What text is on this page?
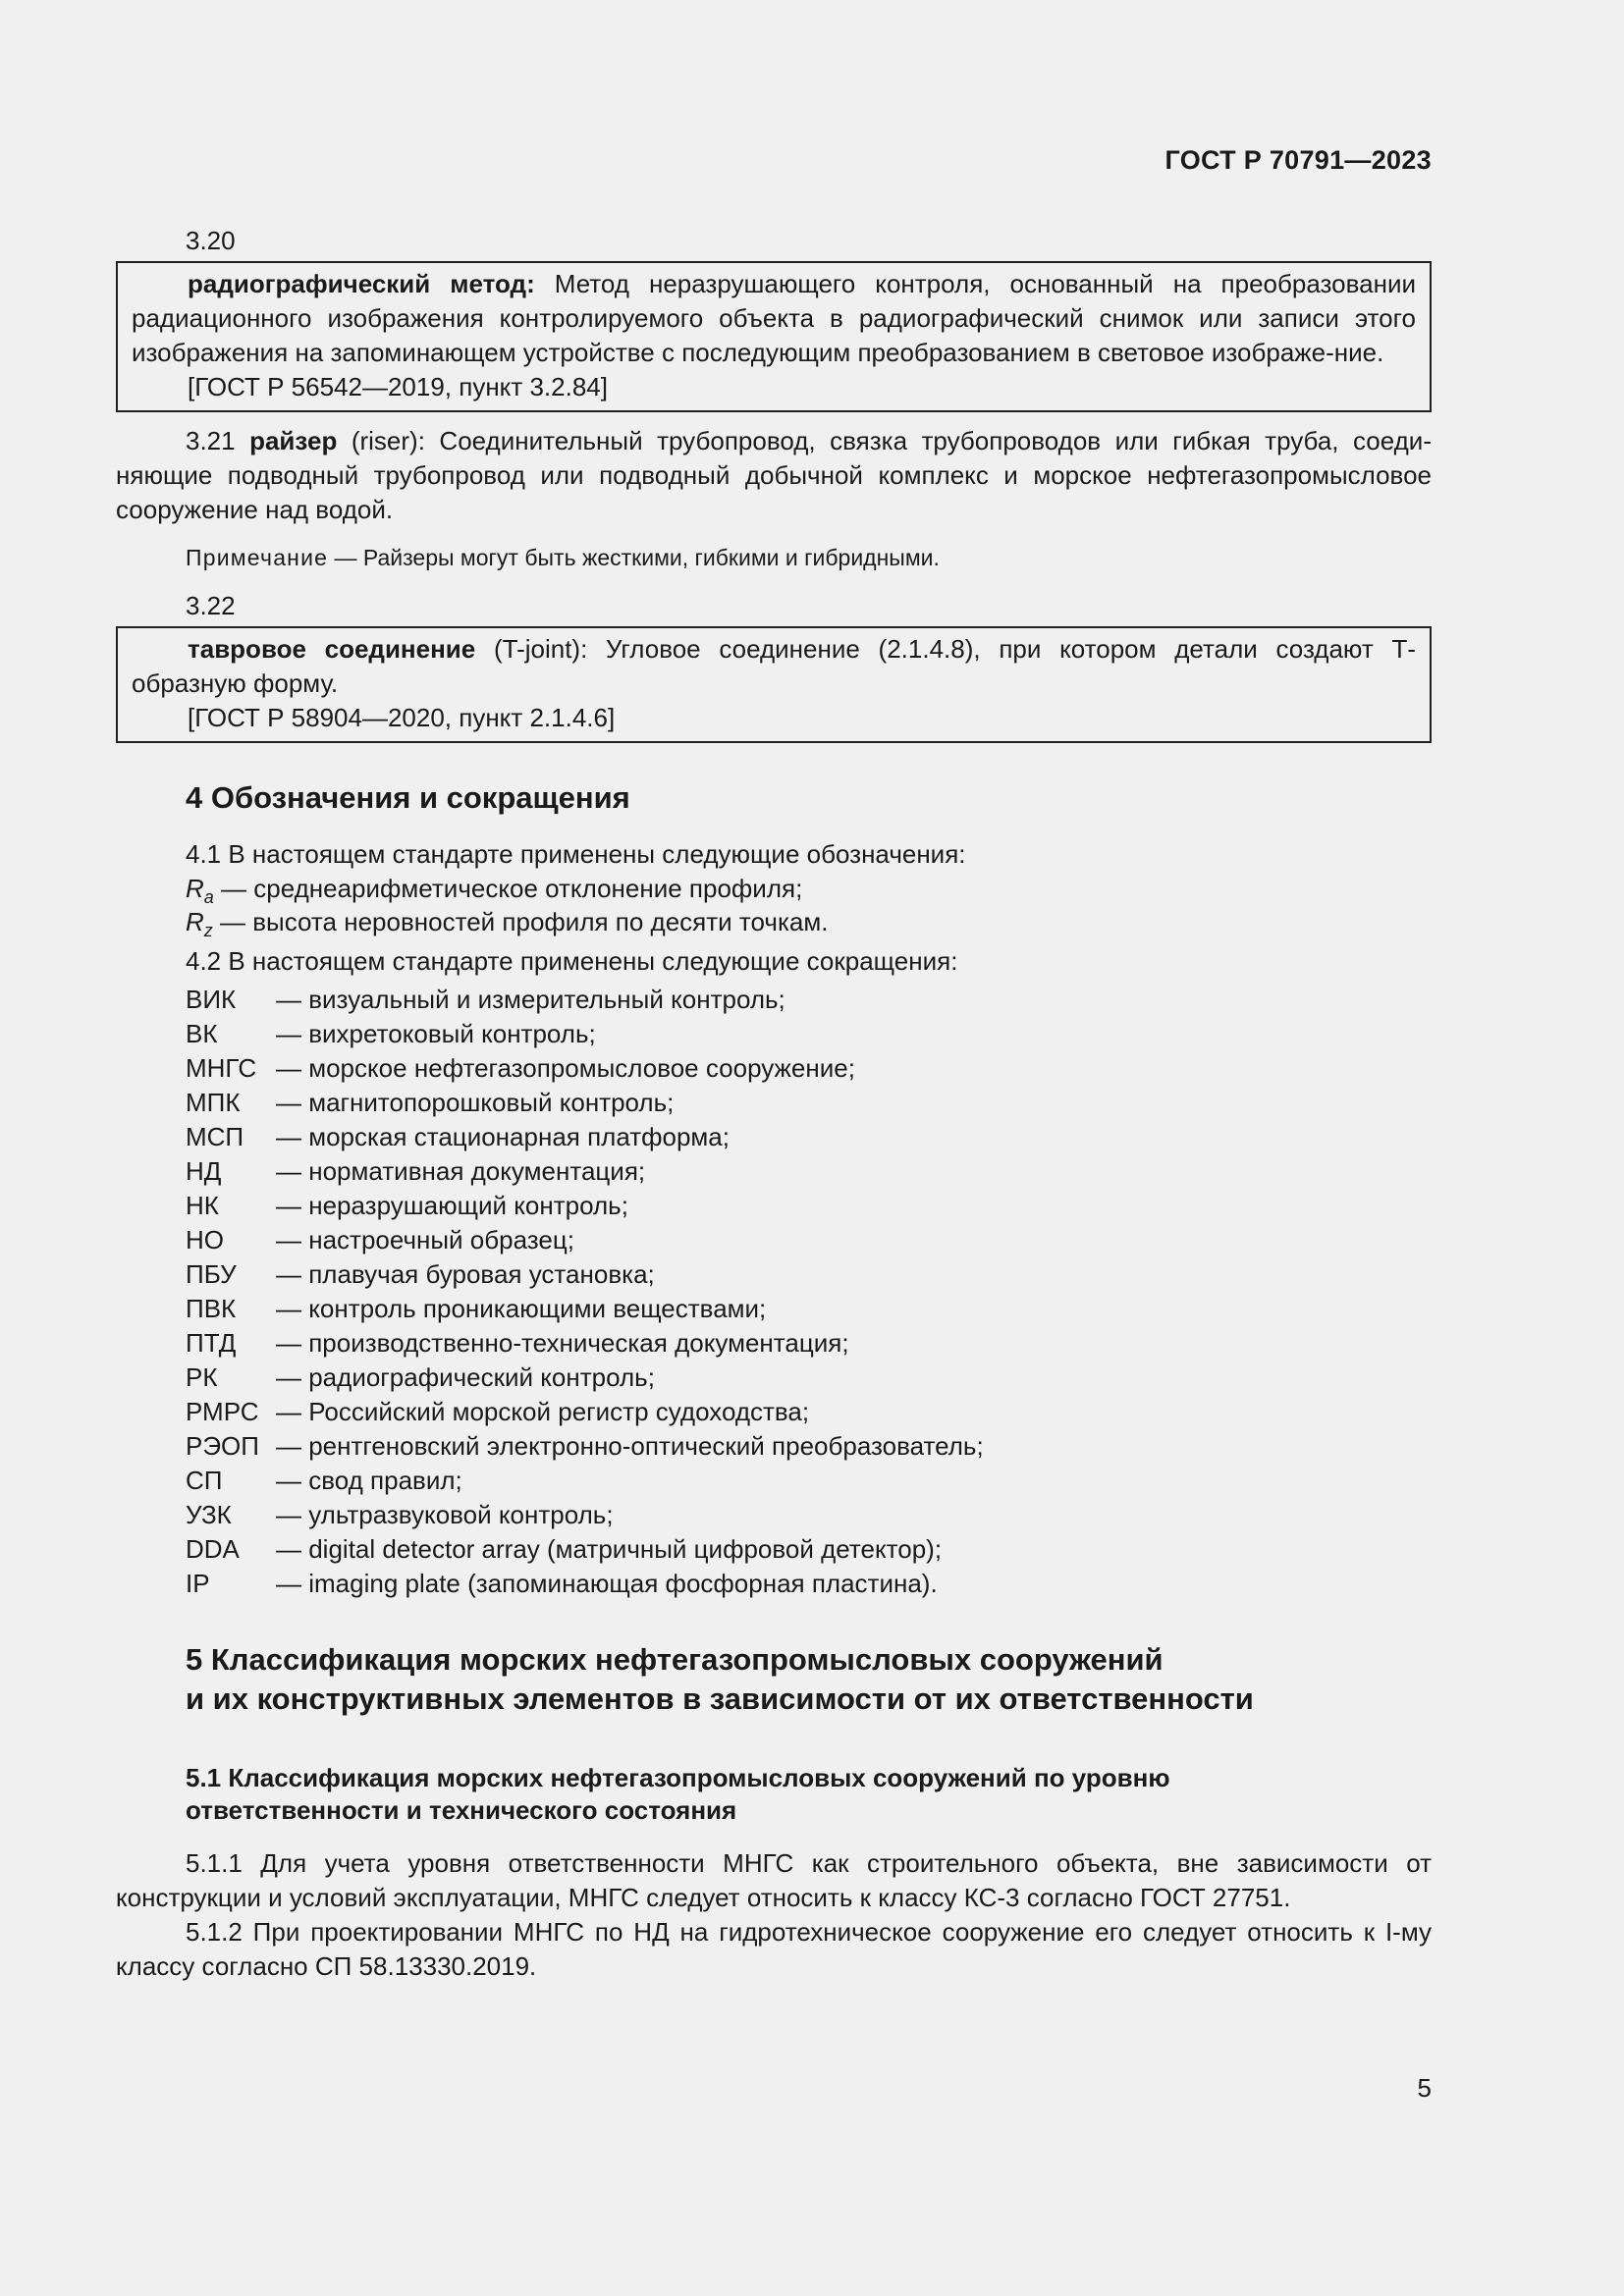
ГОСТ Р 70791—2023

3.20

радиографический метод: Метод неразрушающего контроля, основанный на преобразовании радиационного изображения контролируемого объекта в радиографический снимок или записи этого изображения на запоминающем устройстве с последующим преобразованием в световое изображе-ние.

[ГОСТ Р 56542—2019, пункт 3.2.84]

3.21 райзер (riser): Соединительный трубопровод, связка трубопроводов или гибкая труба, соеди-няющие подводный трубопровод или подводный добычной комплекс и морское нефтегазопромысловое сооружение над водой.

Примечание — Райзеры могут быть жесткими, гибкими и гибридными.

3.22

тавровое соединение (T-joint): Угловое соединение (2.1.4.8), при котором детали создают Т-образную форму.

[ГОСТ Р 58904—2020, пункт 2.1.4.6]

4 Обозначения и сокращения

4.1 В настоящем стандарте применены следующие обозначения:

$R_a$ — среднеарифметическое отклонение профиля;

$R_z$ — высота неровностей профиля по десяти точкам.

4.2 В настоящем стандарте применены следующие сокращения:

ВИК	— визуальный и измерительный контроль;
ВК	— вихретоковый контроль;
МНГС — морское нефтегазопромысловое сооружение;
МПК	— магнитопорошковый контроль;
МСП	— морская стационарная платформа;
НД	— нормативная документация;
НК	— неразрушающий контроль;
НО	— настроечный образец;
ПБУ	— плавучая буровая установка;
ПВК	— контроль проникающими веществами;
ПТД	— производственно-техническая документация;
РК	— радиографический контроль;
РМРС — Российский морской регистр судоходства;
РЭОП — рентгеновский электронно-оптический преобразователь;
СП	— свод правил;
УЗК	— ультразвуковой контроль;
DDA	— digital detector array (матричный цифровой детектор);
IP	— imaging plate (запоминающая фосфорная пластина).
5 Классификация морских нефтегазопромысловых сооружений
и их конструктивных элементов в зависимости от их ответственности
5.1 Классификация морских нефтегазопромысловых сооружений по уровню
ответственности и технического состояния

5.1.1 Для учета уровня ответственности МНГС как строительного объекта, вне зависимости от конструкции и условий эксплуатации, МНГС следует относить к классу КС-3 согласно ГОСТ 27751.

5.1.2 При проектировании МНГС по НД на гидротехническое сооружение его следует относить к I-му классу согласно СП 58.13330.2019.

5
